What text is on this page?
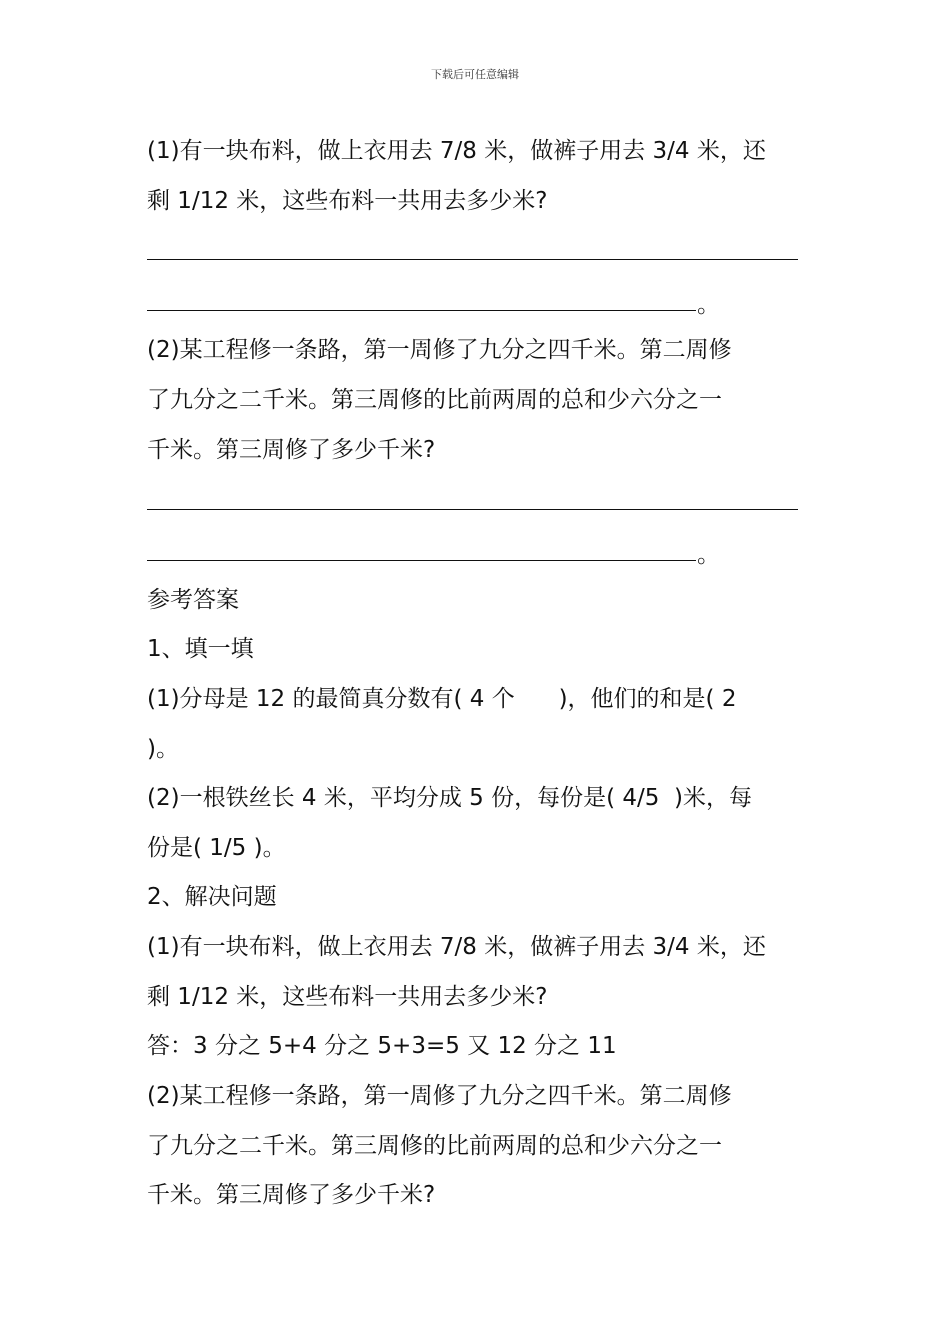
下载后可任意编辑
(1)有一块布料，做上衣用去 7/8 米，做裤子用去 3/4 米，还
剩 1/12 米，这些布料一共用去多少米?
。
(2)某工程修一条路，第一周修了九分之四千米。第二周修
了九分之二千米。第三周修的比前两周的总和少六分之一
千米。第三周修了多少千米?
。
参考答案
1、填一填
(1)分母是 12 的最简真分数有( 4 个      )，他们的和是( 2
)。
(2)一根铁丝长 4 米，平均分成 5 份，每份是( 4/5  )米，每
份是( 1/5 )。
2、解决问题
(1)有一块布料，做上衣用去 7/8 米，做裤子用去 3/4 米，还
剩 1/12 米，这些布料一共用去多少米?
答：3 分之 5+4 分之 5+3=5 又 12 分之 11
(2)某工程修一条路，第一周修了九分之四千米。第二周修
了九分之二千米。第三周修的比前两周的总和少六分之一
千米。第三周修了多少千米?
